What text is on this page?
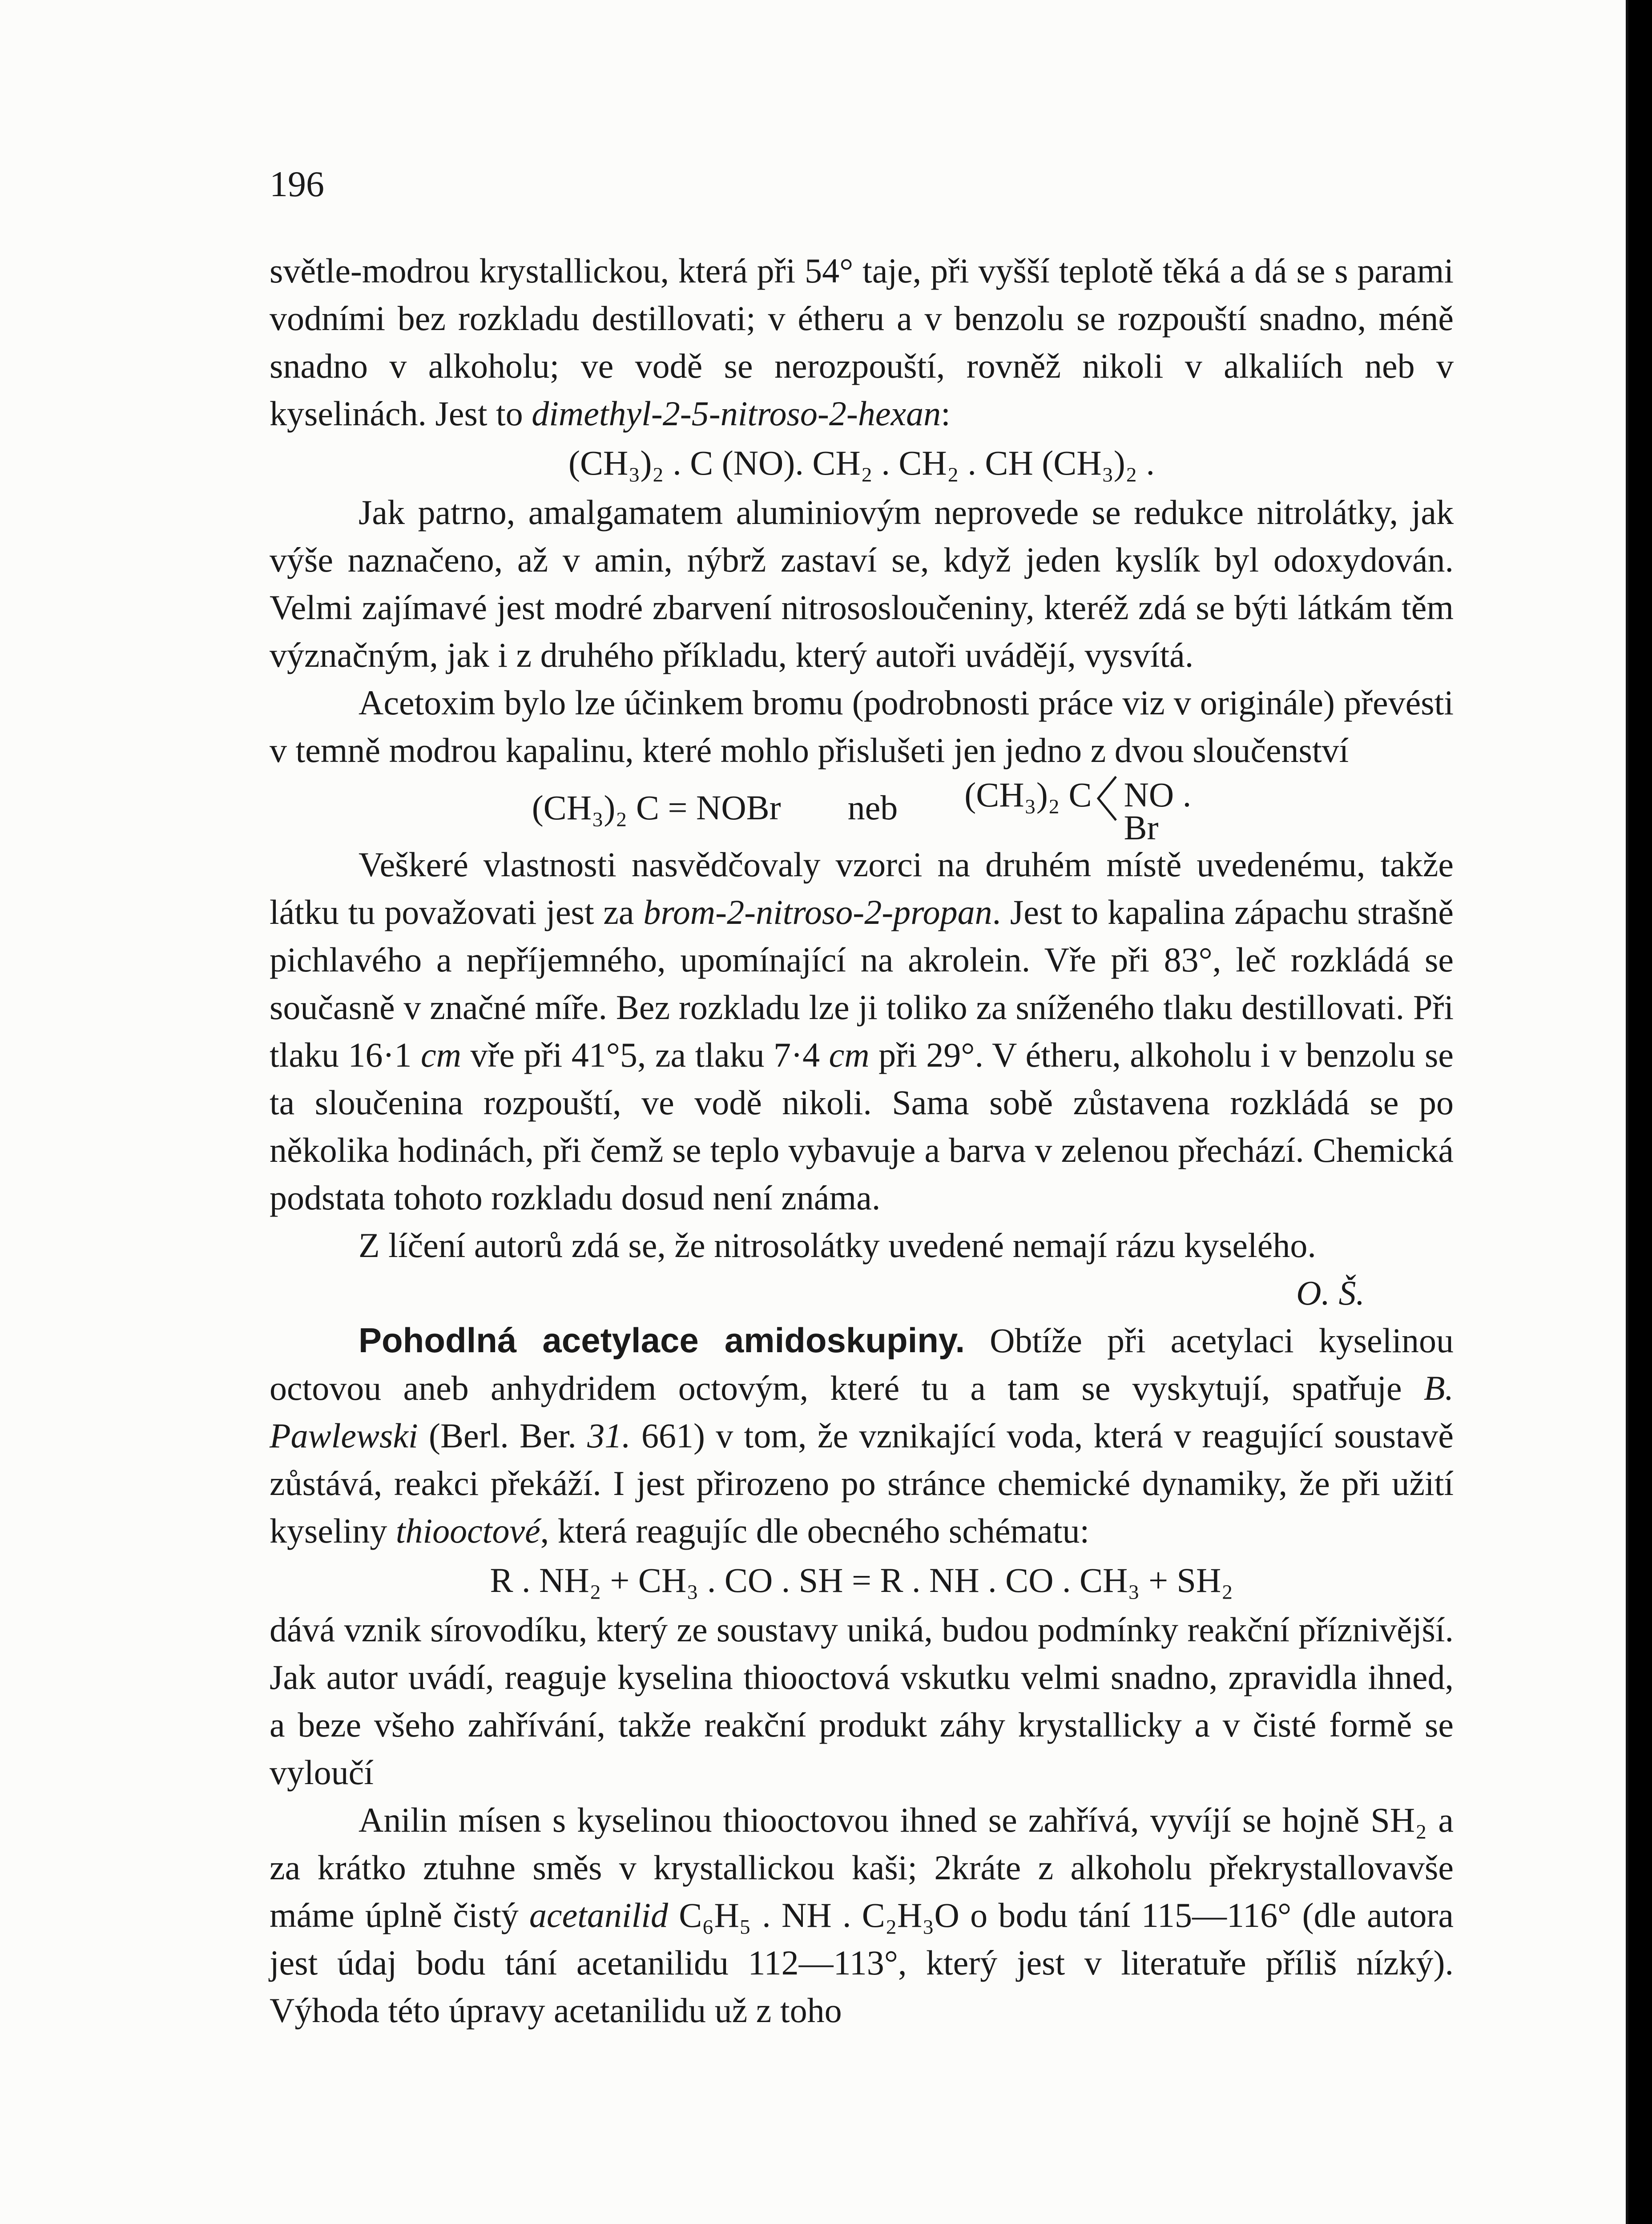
196

světle-modrou krystallickou, která při 54° taje, při vyšší teplotě těká a dá se s parami vodními bez rozkladu destillovati; v étheru a v benzolu se rozpouští snadno, méně snadno v alkoholu; ve vodě se nerozpouští, rovněž nikoli v alkaliích neb v kyselinách. Jest to dimethyl-2-5-nitroso-2-hexan:

(CH₃)₂ . C (NO). CH₂ . CH₂ . CH (CH₃)₂ .

Jak patrno, amalgamatem aluminiovým neprovede se redukce nitrolátky, jak výše naznačeno, až v amin, nýbrž zastaví se, když jeden kyslík byl odoxydován. Velmi zajímavé jest modré zbarvení nitrososloučeniny, kteréž zdá se býti látkám těm význačným, jak i z druhého příkladu, který autoři uvádějí, vysvítá.

Acetoxim bylo lze účinkem bromu (podrobnosti práce viz v originále) převésti v temně modrou kapalinu, které mohlo přislušeti jen jedno z dvou sloučenství

(CH₃)₂ C = NOBr neb (CH₃)₂ C NO
Br
.

Veškeré vlastnosti nasvědčovaly vzorci na druhém místě uvedenému, takže látku tu považovati jest za brom-2-nitroso-2-propan. Jest to kapalina zápachu strašně pichlavého a nepříjemného, upomínající na akrolein. Vře při 83°, leč rozkládá se současně v značné míře. Bez rozkladu lze ji toliko za sníženého tlaku destillovati. Při tlaku 16·1 cm vře při 41°5, za tlaku 7·4 cm při 29°. V étheru, alkoholu i v benzolu se ta sloučenina rozpouští, ve vodě nikoli. Sama sobě zůstavena rozkládá se po několika hodinách, při čemž se teplo vybavuje a barva v zelenou přechází. Chemická podstata tohoto rozkladu dosud není známa.

Z líčení autorů zdá se, že nitrosolátky uvedené nemají rázu kyselého.

O. Š.

Pohodlná acetylace amidoskupiny. Obtíže při acetylaci kyselinou octovou aneb anhydridem octovým, které tu a tam se vyskytují, spatřuje B. Pawlewski (Berl. Ber. 31. 661) v tom, že vznikající voda, která v reagující soustavě zůstává, reakci překáží. I jest přirozeno po stránce chemické dynamiky, že při užití kyseliny thiooctové, která reagujíc dle obecného schématu:

R . NH₂ + CH₃ . CO . SH = R . NH . CO . CH₃ + SH₂

dává vznik sírovodíku, který ze soustavy uniká, budou podmínky reakční příznivější. Jak autor uvádí, reaguje kyselina thiooctová vskutku velmi snadno, zpravidla ihned, a beze všeho zahřívání, takže reakční produkt záhy krystallicky a v čisté formě se vyloučí

Anilin mísen s kyselinou thiooctovou ihned se zahřívá, vyvíjí se hojně SH₂ a za krátko ztuhne směs v krystallickou kaši; 2kráte z alkoholu překrystallovavše máme úplně čistý acetanilid C₆H₅ . NH . C₂H₃O o bodu tání 115—116° (dle autora jest údaj bodu tání acetanilidu 112—113°, který jest v literatuře příliš nízký). Výhoda této úpravy acetanilidu už z toho
